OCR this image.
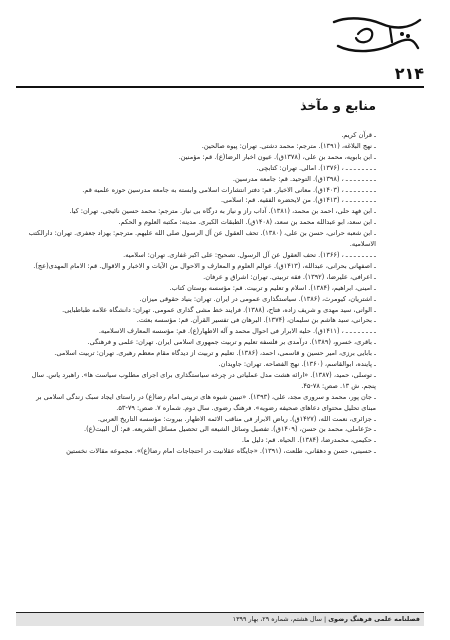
۲۱۴
منابع و مآخذ
ـ قرآن کریم.
ـ نهج البلاغه، (۱۳۹۱). مترجم: محمد دشتی. تهران: پیوه صالحین.
ـ ابن بابویه، محمد بن علی، (۱۳۷۸ق). عیون اخبار الرضا(ع). قم: مؤمنین.
ـ ـ ـ ـ ـ ـ ـ ـ ، (۱۳۷۶). امالی. تهران: کتابچی.
ـ ـ ـ ـ ـ ـ ـ ـ ، (۱۳۹۸ق). التوحید. قم: جامعه مدرسین.
ـ ـ ـ ـ ـ ـ ـ ـ ، (۱۴۰۳ق). معانی الاخبار. قم: دفتر انتشارات اسلامی وابسته به جامعه مدرسین حوزه علمیه قم.
ـ ـ ـ ـ ـ ـ ـ ـ ، (۱۴۱۳ق). من لایحضره الفقیه. قم: اسلامی.
ـ ابن فهد حلی، احمد بن محمد، (۱۳۸۱). آداب راز و نیاز به درگاه بی نیاز. مترجم: محمد حسین نائیجی. تهران: کیا.
ـ ابن سعد، ابو عبدالله محمد بن سعد، (۱۴۰۸ق). الطبقات الکبری. مدینه: مکتبه العلوم و الحکم.
ـ ابن شعبه حرانی، حسن بن علی، (۱۳۸۰). تحف العقول عن آل الرسول صلی الله علیهم. مترجم: بهزاد جعفری. تهران: دارالکتب الاسلامیه.
ـ ـ ـ ـ ـ ـ ـ ـ ، (۱۳۶۶). تحف العقول عن آل الرسول. تصحیح: علی اکبر غفاری. تهران: اسلامیه.
ـ اصفهانی بحرانی، عبدالله، (۱۴۱۳ق). عوالم العلوم و المعارف و الاحوال من الآیات و الاخبار و الاقوال. قم: الامام المهدی(عج).
ـ اعرافی، علیرضا، (۱۳۹۲). فقه تربیتی. تهران: اشراق و عرفان.
ـ امینی، ابراهیم، (۱۳۸۴). اسلام و تعلیم و تربیت. قم: مؤسسه بوستان کتاب.
ـ اشتریان، کیومرث، (۱۳۸۶). سیاستگذاری عمومی در ایران. تهران: بنیاد حقوقی میزان.
ـ الوانی، سید مهدی و شریف زاده، فتاح، (۱۳۸۸). فرایند خط مشی گذاری عمومی. تهران: دانشگاه علامه طباطبایی.
ـ بحرانی، سید هاشم بن سلیمان، (۱۳۷۴). البرهان فی تفسیر القرآن. قم: مؤسسه بعثت.
ـ ـ ـ ـ ـ ـ ـ ـ ، (۱۴۱۱ق). حلیه الابرار فی احوال محمد و آله الاطهار(ع). قم: مؤسسه المعارف الاسلامیه.
ـ باقری، خسرو، (۱۳۸۹). درآمدی بر فلسفه تعلیم و تربیت جمهوری اسلامی ایران. تهران: علمی و فرهنگی.
ـ بابایی برزی، امیر حسین و قاسمی، احمد، (۱۳۸۶). تعلیم و تربیت از دیدگاه مقام معظم رهبری. تهران: تربیت اسلامی.
ـ پاینده، ابوالقاسم، (۱۳۶۰). نهج الفصاحه. تهران: جاویدان.
ـ توسلی، حمید، (۱۳۸۷). «ارائه هشت مدل عملیاتی در چرخه سیاستگذاری برای اجرای مطلوب سیاست ها». راهبرد یاس. سال پنجم. ش ۱۳. صص: ۷۸-۴۵.
ـ جان پور، محمد و سروری مجد، علی، (۱۳۹۳). «تبیین شیوه های تربیتی امام رضا(ع) در راستای ایجاد سبک زندگی اسلامی بر مبنای تحلیل محتوای دعاهای صحیفه رضویه». فرهنگ رضوی. سال دوم. شماره ۷. صص: ۷۹-۵۳.
ـ جزائری، نعمت الله، (۱۴۲۷ق). ریاض الابرار فی مناقب الائمه الاطهار. بیروت: مؤسسه التاریخ العربی.
ـ حرّعاملی، محمد بن حسن، (۱۴۰۹ق). تفصیل وسائل الشیعه الی تحصیل مسائل الشریعه. قم: آل البیت(ع).
ـ حکیمی، محمدرضا، (۱۳۸۴). الحیاه. قم: دلیل ما.
ـ حسینی، حسن و دهقانی، طلعت، (۱۳۹۱). «جایگاه عقلانیت در احتجاجات امام رضا(ع)». مجموعه مقالات نخستین
فصلنامه علمی فرهنگ رضوی | سال هشتم، شماره ۲۹، بهار ۱۳۹۹
